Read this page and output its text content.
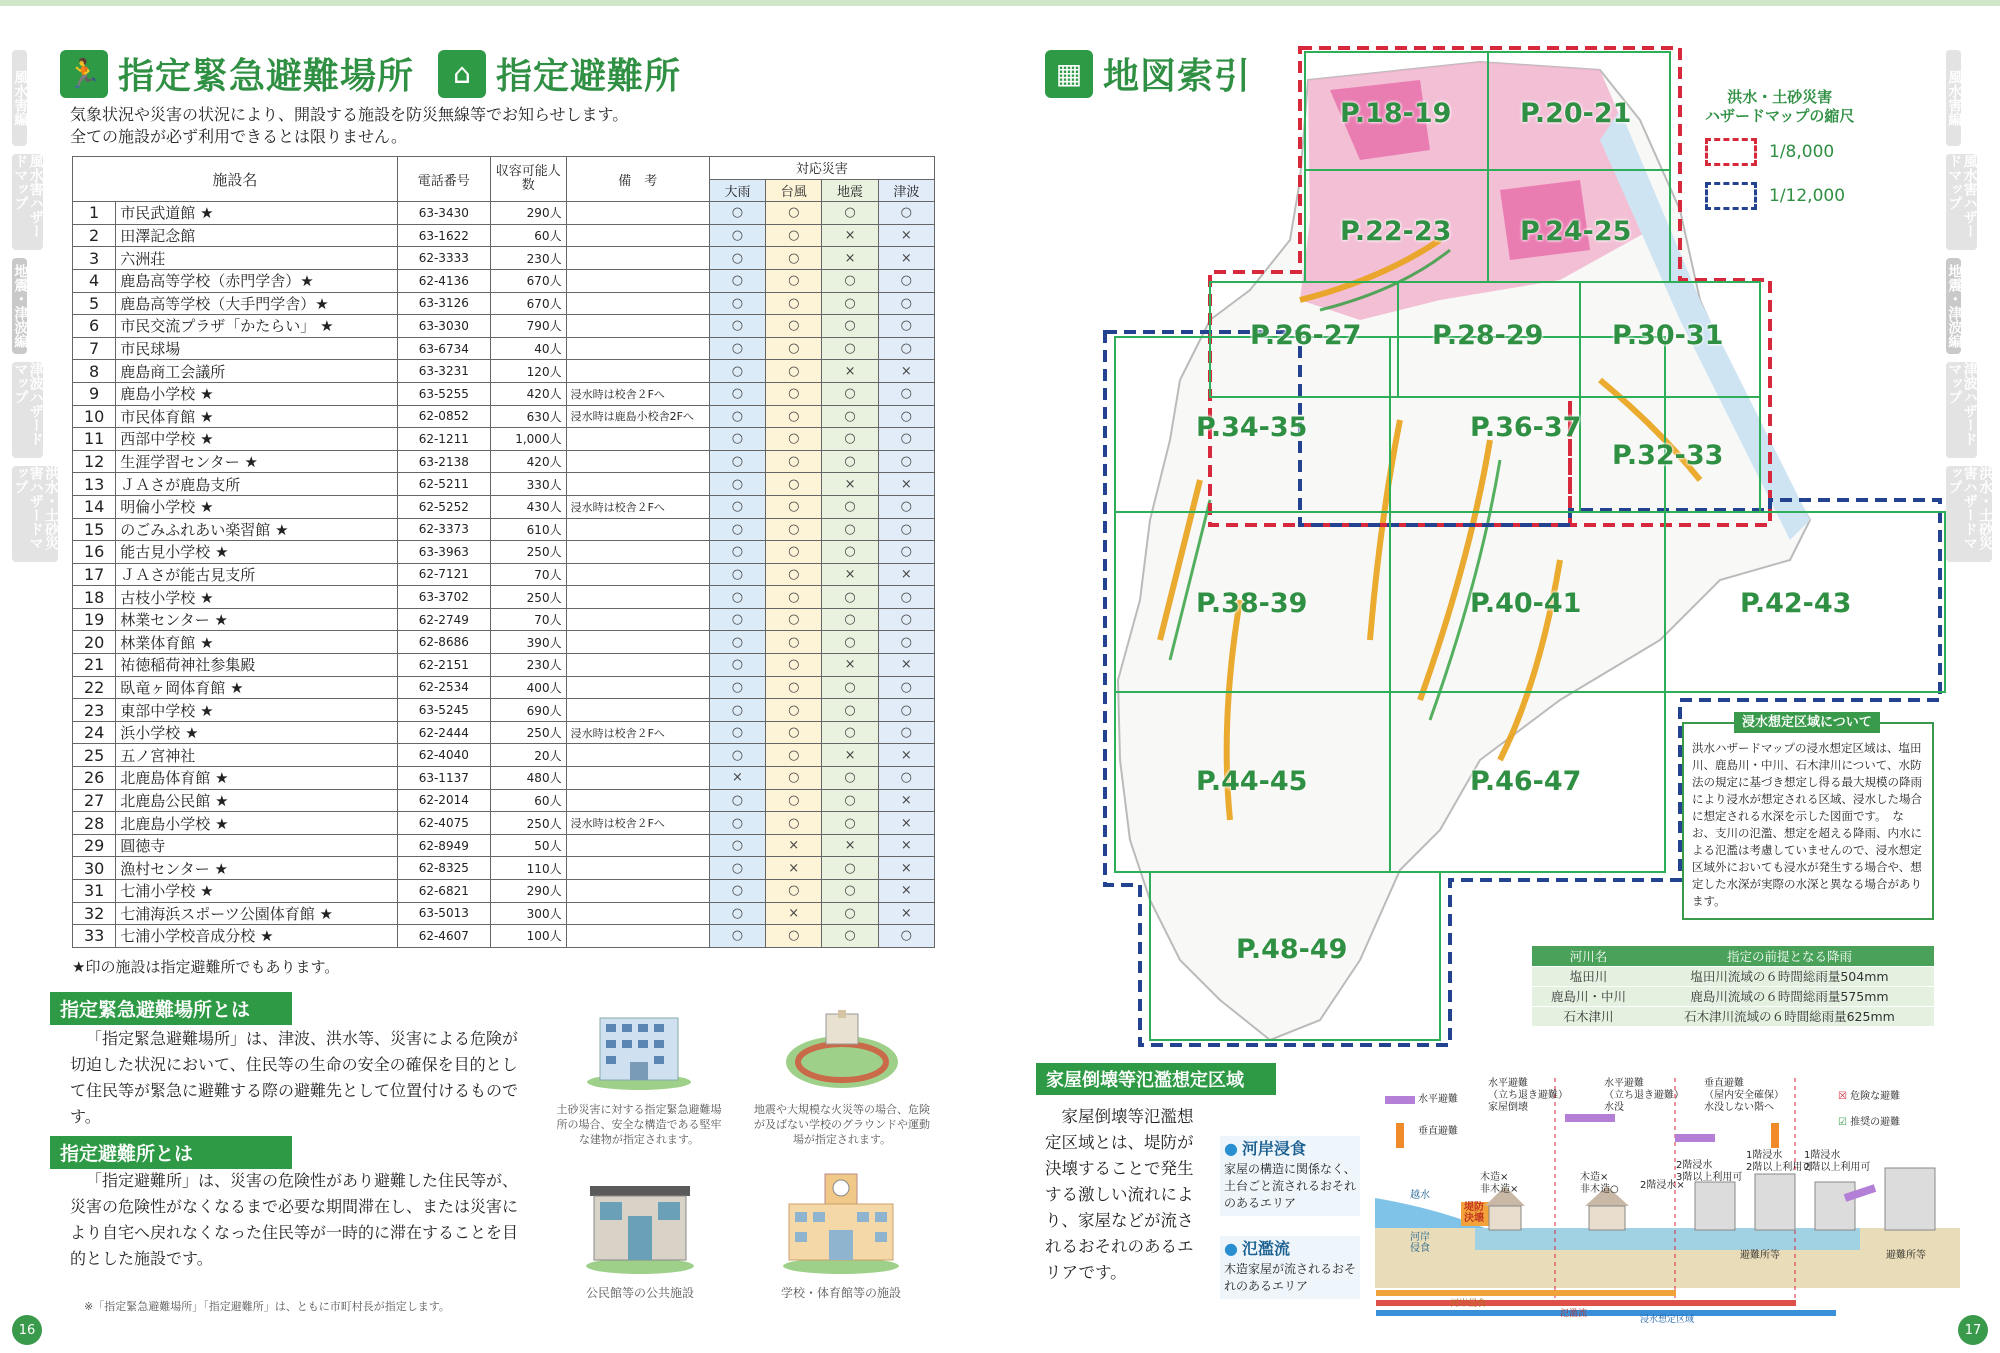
風水害編
風水害ハザードマップ
地震・津波編
津波ハザードマップ
洪水・土砂災害ハザードマップ
風水害編
風水害ハザードマップ
地震・津波編
津波ハザードマップ
洪水・土砂災害ハザードマップ
🏃 指定緊急避難場所	⌂ 指定避難所
気象状況や災害の状況により、開設する施設を防災無線等でお知らせします。
全ての施設が必ず利用できるとは限りません。
施設名		電話番号	収容可能人数	備　考	対応災害			
					大雨	台風	地震	津波
1	市民武道館 ★	63-3430	290人		○	○	○	○
2	田澤記念館	63-1622	60人		○	○	×	×
3	六洲荘	62-3333	230人		○	○	×	×
4	鹿島高等学校（赤門学舎）★	62-4136	670人		○	○	○	○
5	鹿島高等学校（大手門学舎）★	63-3126	670人		○	○	○	○
6	市民交流プラザ「かたらい」 ★	63-3030	790人		○	○	○	○
7	市民球場	63-6734	40人		○	○	○	○
8	鹿島商工会議所	63-3231	120人		○	○	×	×
9	鹿島小学校 ★	63-5255	420人	浸水時は校舎２Fへ	○	○	○	○
10	市民体育館 ★	62-0852	630人	浸水時は鹿島小校舎2Fへ	○	○	○	○
11	西部中学校 ★	62-1211	1,000人		○	○	○	○
12	生涯学習センター ★	63-2138	420人		○	○	○	○
13	ＪＡさが鹿島支所	62-5211	330人		○	○	×	×
14	明倫小学校 ★	62-5252	430人	浸水時は校舎２Fへ	○	○	○	○
15	のごみふれあい楽習館 ★	62-3373	610人		○	○	○	○
16	能古見小学校 ★	63-3963	250人		○	○	○	○
17	ＪＡさが能古見支所	62-7121	70人		○	○	×	×
18	古枝小学校 ★	63-3702	250人		○	○	○	○
19	林業センター ★	62-2749	70人		○	○	○	○
20	林業体育館 ★	62-8686	390人		○	○	○	○
21	祐徳稲荷神社参集殿	62-2151	230人		○	○	×	×
22	臥竜ヶ岡体育館 ★	62-2534	400人		○	○	○	○
23	東部中学校 ★	63-5245	690人		○	○	○	○
24	浜小学校 ★	62-2444	250人	浸水時は校舎２Fへ	○	○	○	○
25	五ノ宮神社	62-4040	20人		○	○	×	×
26	北鹿島体育館 ★	63-1137	480人		×	○	○	○
27	北鹿島公民館 ★	62-2014	60人		○	○	○	×
28	北鹿島小学校 ★	62-4075	250人	浸水時は校舎２Fへ	○	○	○	×
29	圓徳寺	62-8949	50人		○	×	×	×
30	漁村センター ★	62-8325	110人		○	×	○	×
31	七浦小学校 ★	62-6821	290人		○	○	○	×
32	七浦海浜スポーツ公園体育館 ★	63-5013	300人		○	×	○	×
33	七浦小学校音成分校 ★	62-4607	100人		○	○	○	○
★印の施設は指定避難所でもあります。
指定緊急避難場所とは
「指定緊急避難場所」は、津波、洪水等、災害による危険が切迫した状況において、住民等の生命の安全の確保を目的として住民等が緊急に避難する際の避難先として位置付けるものです。
指定避難所とは
「指定避難所」は、災害の危険性があり避難した住民等が、災害の危険性がなくなるまで必要な期間滞在し、または災害により自宅へ戻れなくなった住民等が一時的に滞在することを目的とした施設です。
土砂災害に対する指定緊急避難場所の場合、安全な構造である堅牢な建物が指定されます。
地震や大規模な火災等の場合、危険が及ばない学校のグラウンドや運動場が指定されます。
公民館等の公共施設	学校・体育館等の施設
※「指定緊急避難場所」「指定避難所」は、ともに市町村長が指定します。
16
▦ 地図索引
P.18-19	P.20-21
P.22-23	P.24-25
P.26-27	P.28-29	P.30-31
P.32-33
P.34-35	P.36-37
P.38-39	P.40-41	P.42-43
P.44-45	P.46-47
P.48-49
洪水・土砂災害
ハザードマップの縮尺
1/8,000
1/12,000
浸水想定区域について
洪水ハザードマップの浸水想定区域は、塩田川、鹿島川・中川、石木津川について、水防法の規定に基づき想定し得る最大規模の降雨により浸水が想定される区域、浸水した場合に想定される水深を示した図面です。　なお、支川の氾濫、想定を超える降雨、内水による氾濫は考慮していませんので、浸水想定区域外においても浸水が発生する場合や、想定した水深が実際の水深と異なる場合があります。
河川名	指定の前提となる降雨
塩田川	塩田川流域の６時間総雨量504mm
鹿島川・中川	鹿島川流域の６時間総雨量575mm
石木津川	石木津川流域の６時間総雨量625mm
家屋倒壊等氾濫想定区域
家屋倒壊等氾濫想定区域とは、堤防が決壊することで発生する激しい流れにより、家屋などが流されるおそれのあるエリアです。
● 河岸浸食
家屋の構造に関係なく、土台ごと流されるおそれのあるエリア
● 氾濫流
木造家屋が流されるおそれのあるエリア
☒ 危険な避難
☑ 推奨の避難
水平避難
垂直避難
水平避難
（立ち退き避難）
家屋倒壊
水平避難
（立ち退き避難）
水没
垂直避難
（屋内安全確保）
水没しない階へ
木造×
非木造×
木造×
非木造○ 2階浸水×
2階浸水
3階以上利用可
1階浸水
2階以上利用可
1階浸水
2階以上利用可
堤防
決壊
越水
河岸
侵食
避難所等	避難所等
河岸侵食
氾濫流
浸水想定区域
17
